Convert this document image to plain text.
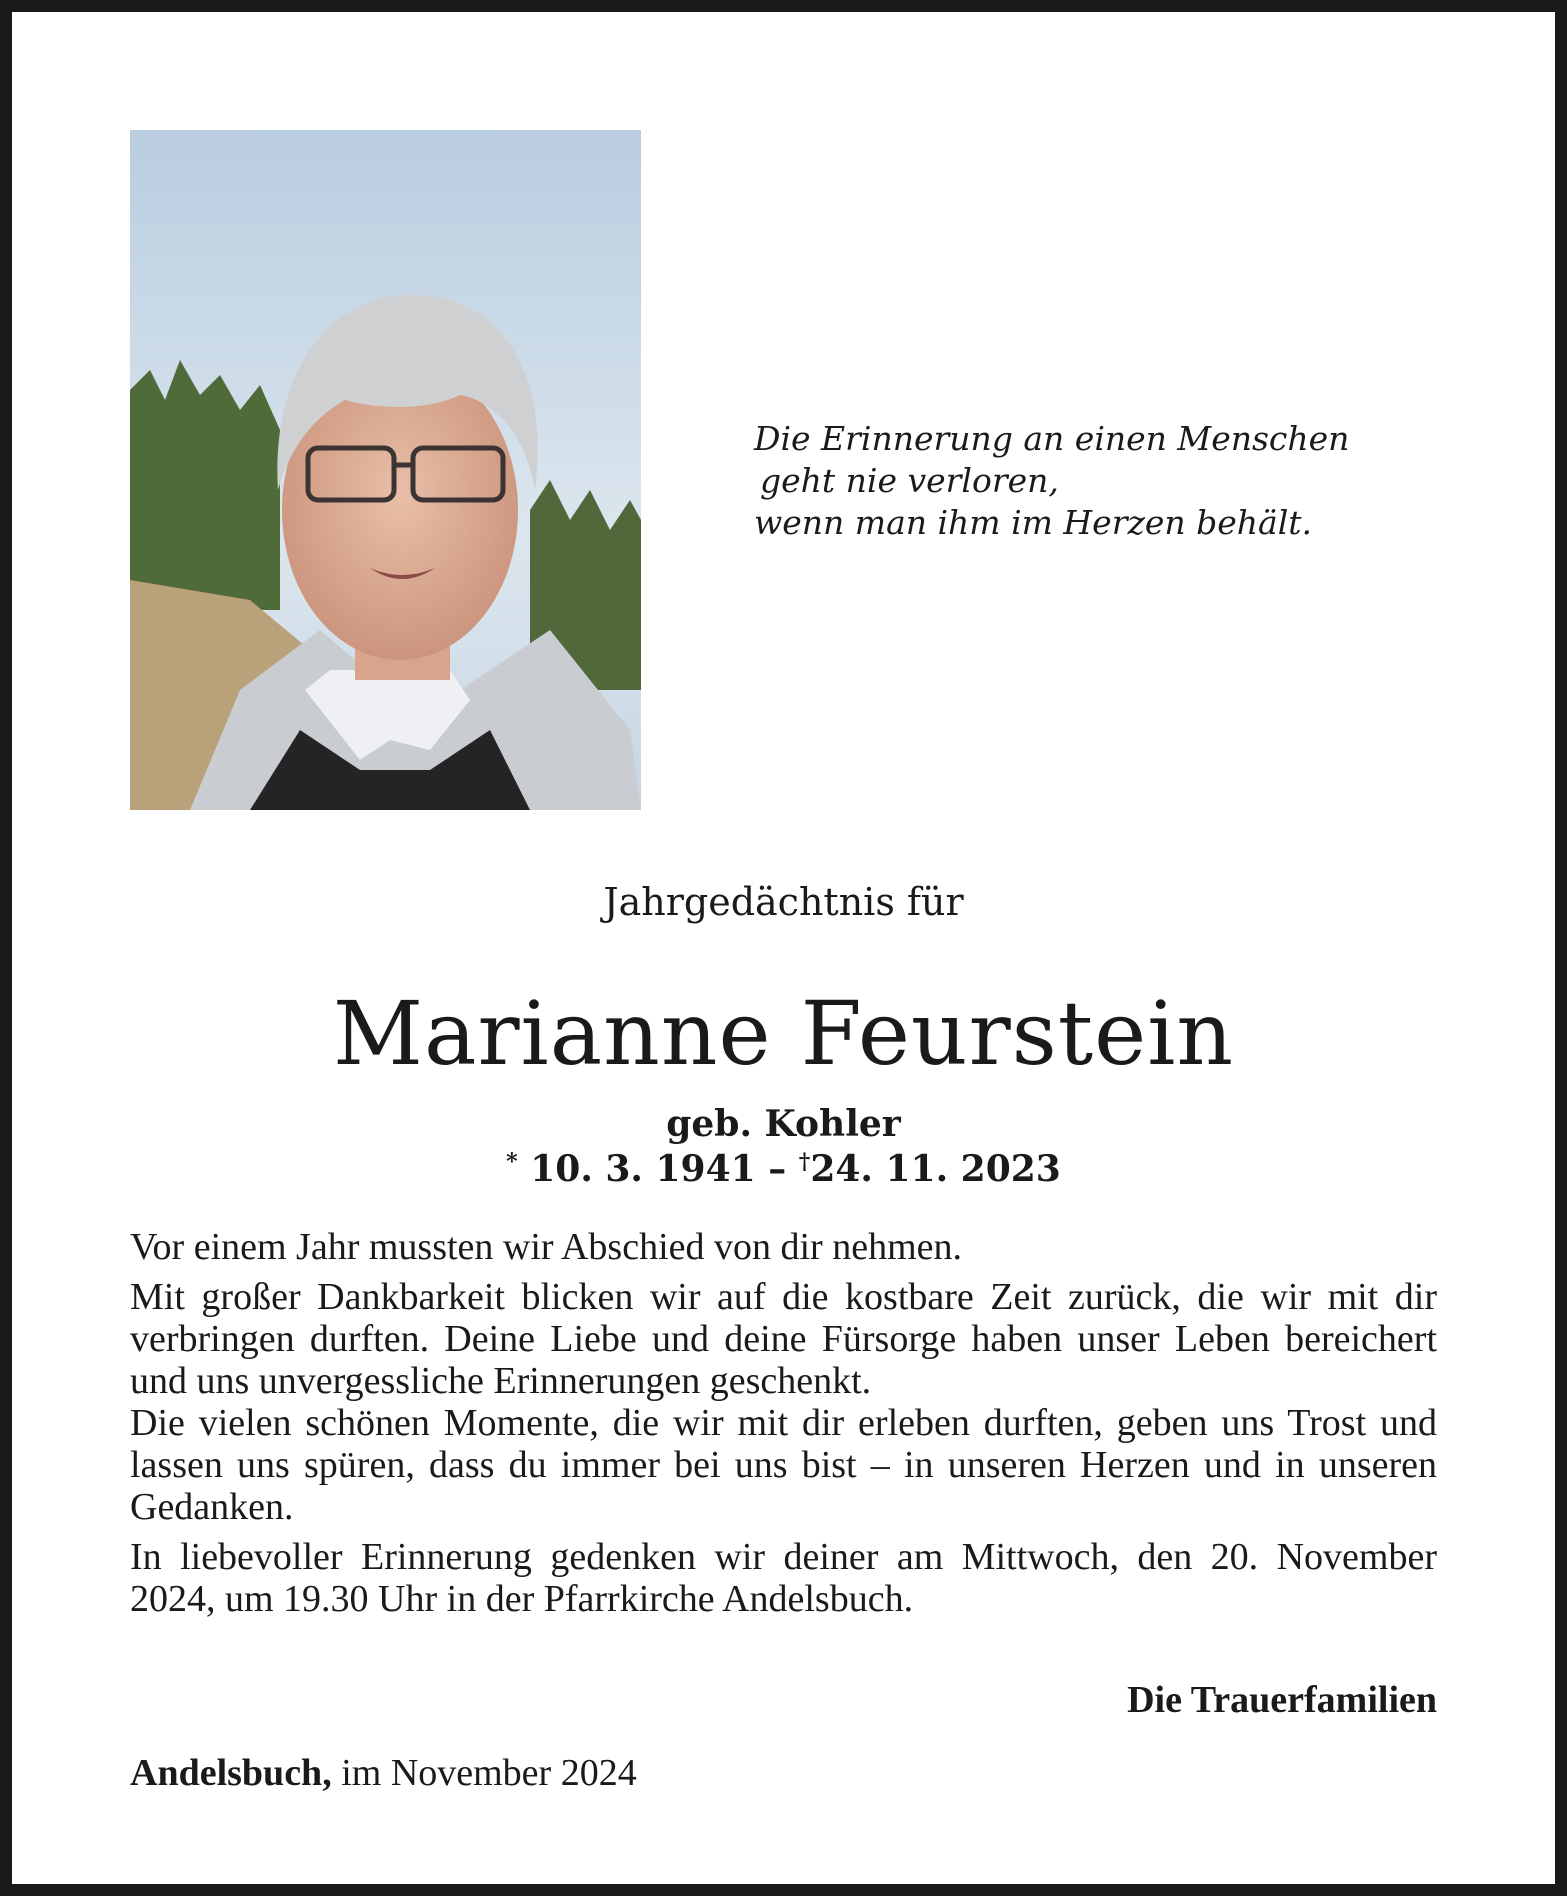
Die Erinnerung an einen Menschen
geht nie verloren,
wenn man ihm im Herzen behält.
Jahrgedächtnis für
Marianne Feurstein
geb. Kohler
* 10. 3. 1941 – †24. 11. 2023

Vor einem Jahr mussten wir Abschied von dir nehmen.

Mit großer Dankbarkeit blicken wir auf die kostbare Zeit zurück, die wir mit dir verbringen durften. Deine Liebe und deine Fürsorge haben unser Leben bereichert und uns unvergessliche Erinnerungen geschenkt.

Die vielen schönen Momente, die wir mit dir erleben durften, geben uns Trost und lassen uns spüren, dass du immer bei uns bist – in unseren Herzen und in unseren Gedanken.

In liebevoller Erinnerung gedenken wir deiner am Mittwoch, den 20. November 2024, um 19.30 Uhr in der Pfarrkirche Andelsbuch.

Die Trauerfamilien
Andelsbuch, im November 2024
